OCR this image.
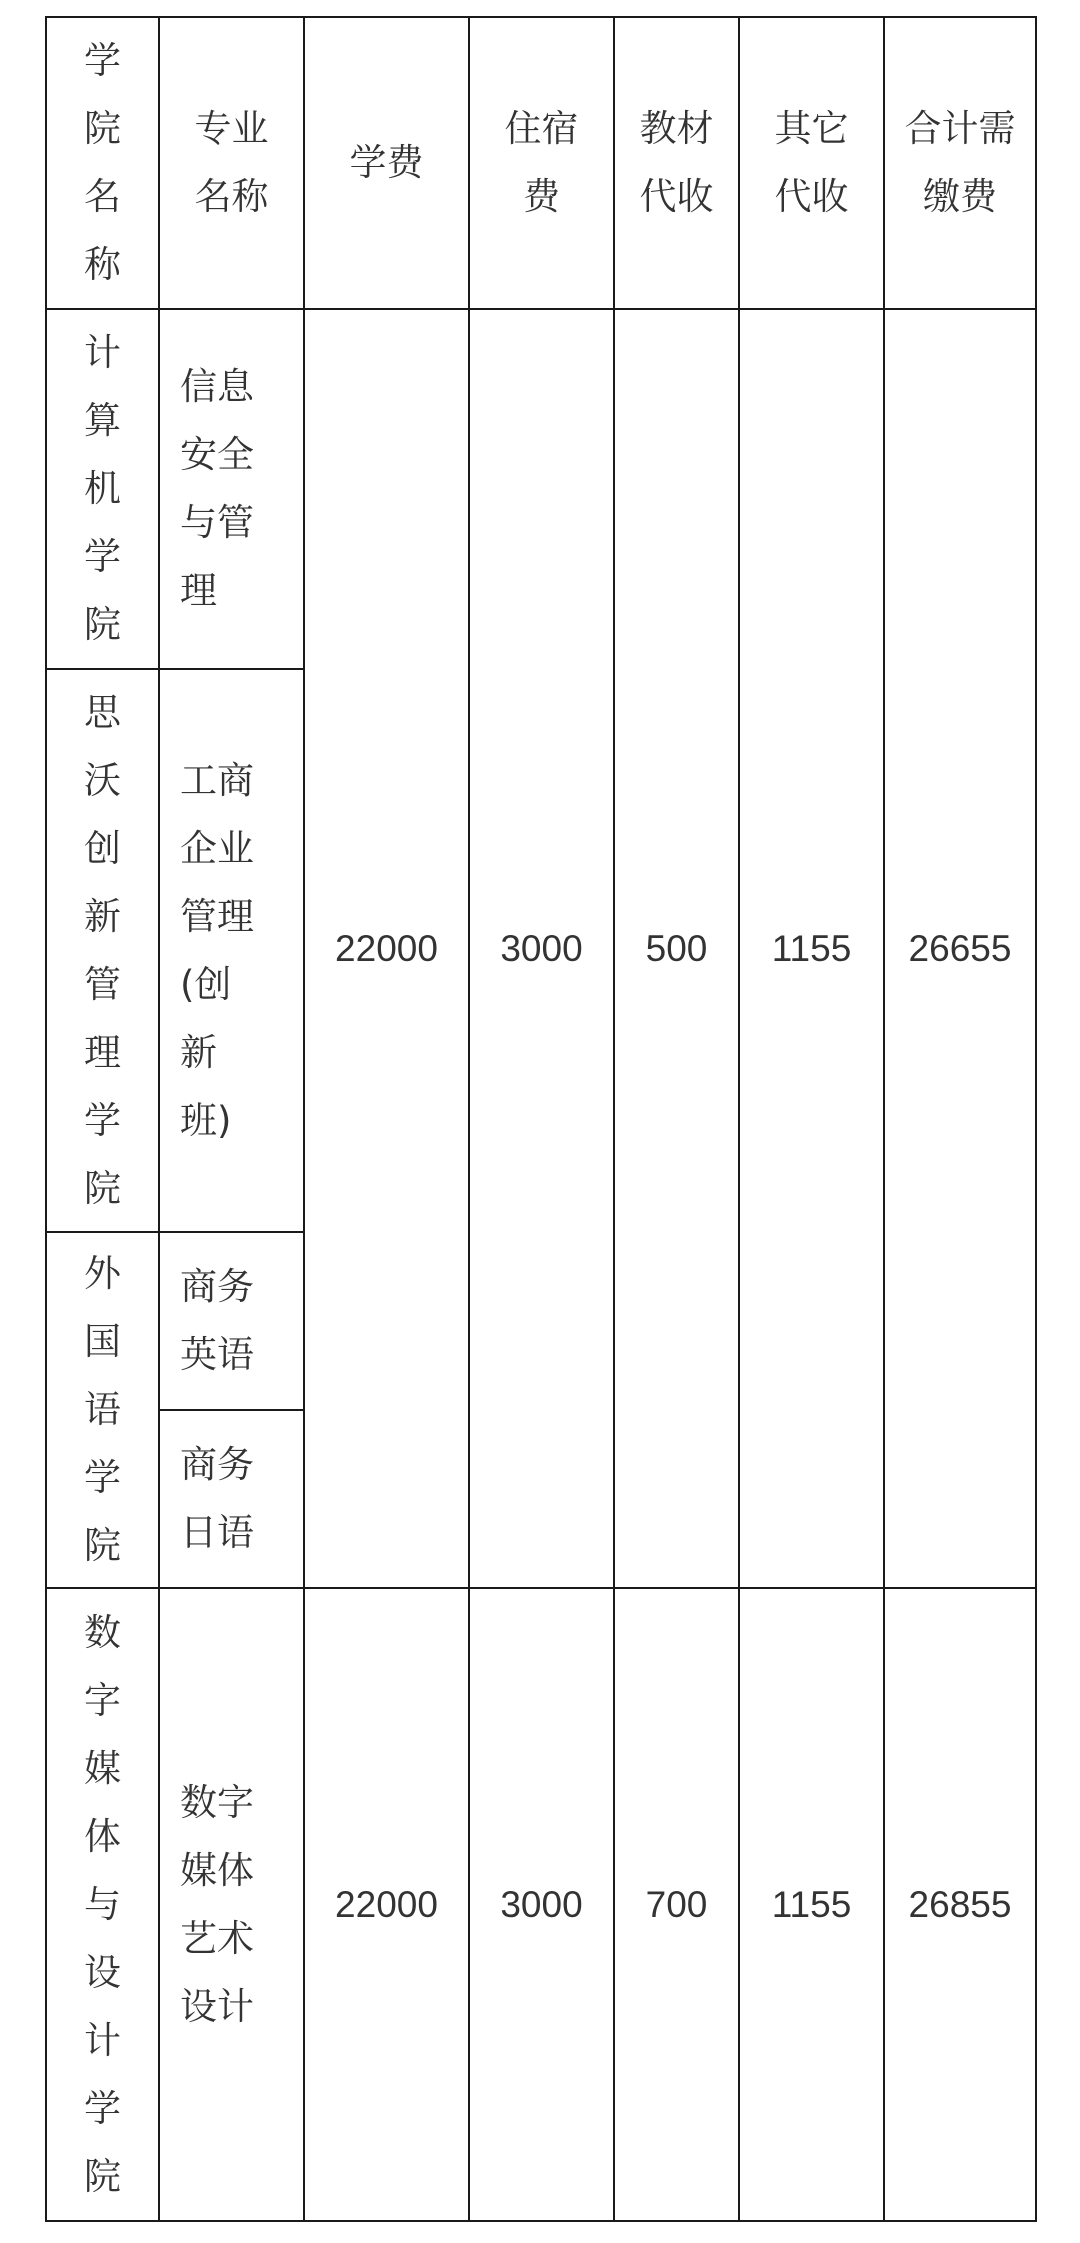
学院名称	专业名称	学费	住宿费	教材代收	其它代收	合计需缴费

计算机学院	信息安全与管理	22000	3000	500	1155	26655

思沃创新管理学院	工商企业管理(创新班)					

外国语学院	商务英语					

	商务日语					

数字媒体与设计学院	数字媒体艺术设计	22000	3000	700	1155	26855
